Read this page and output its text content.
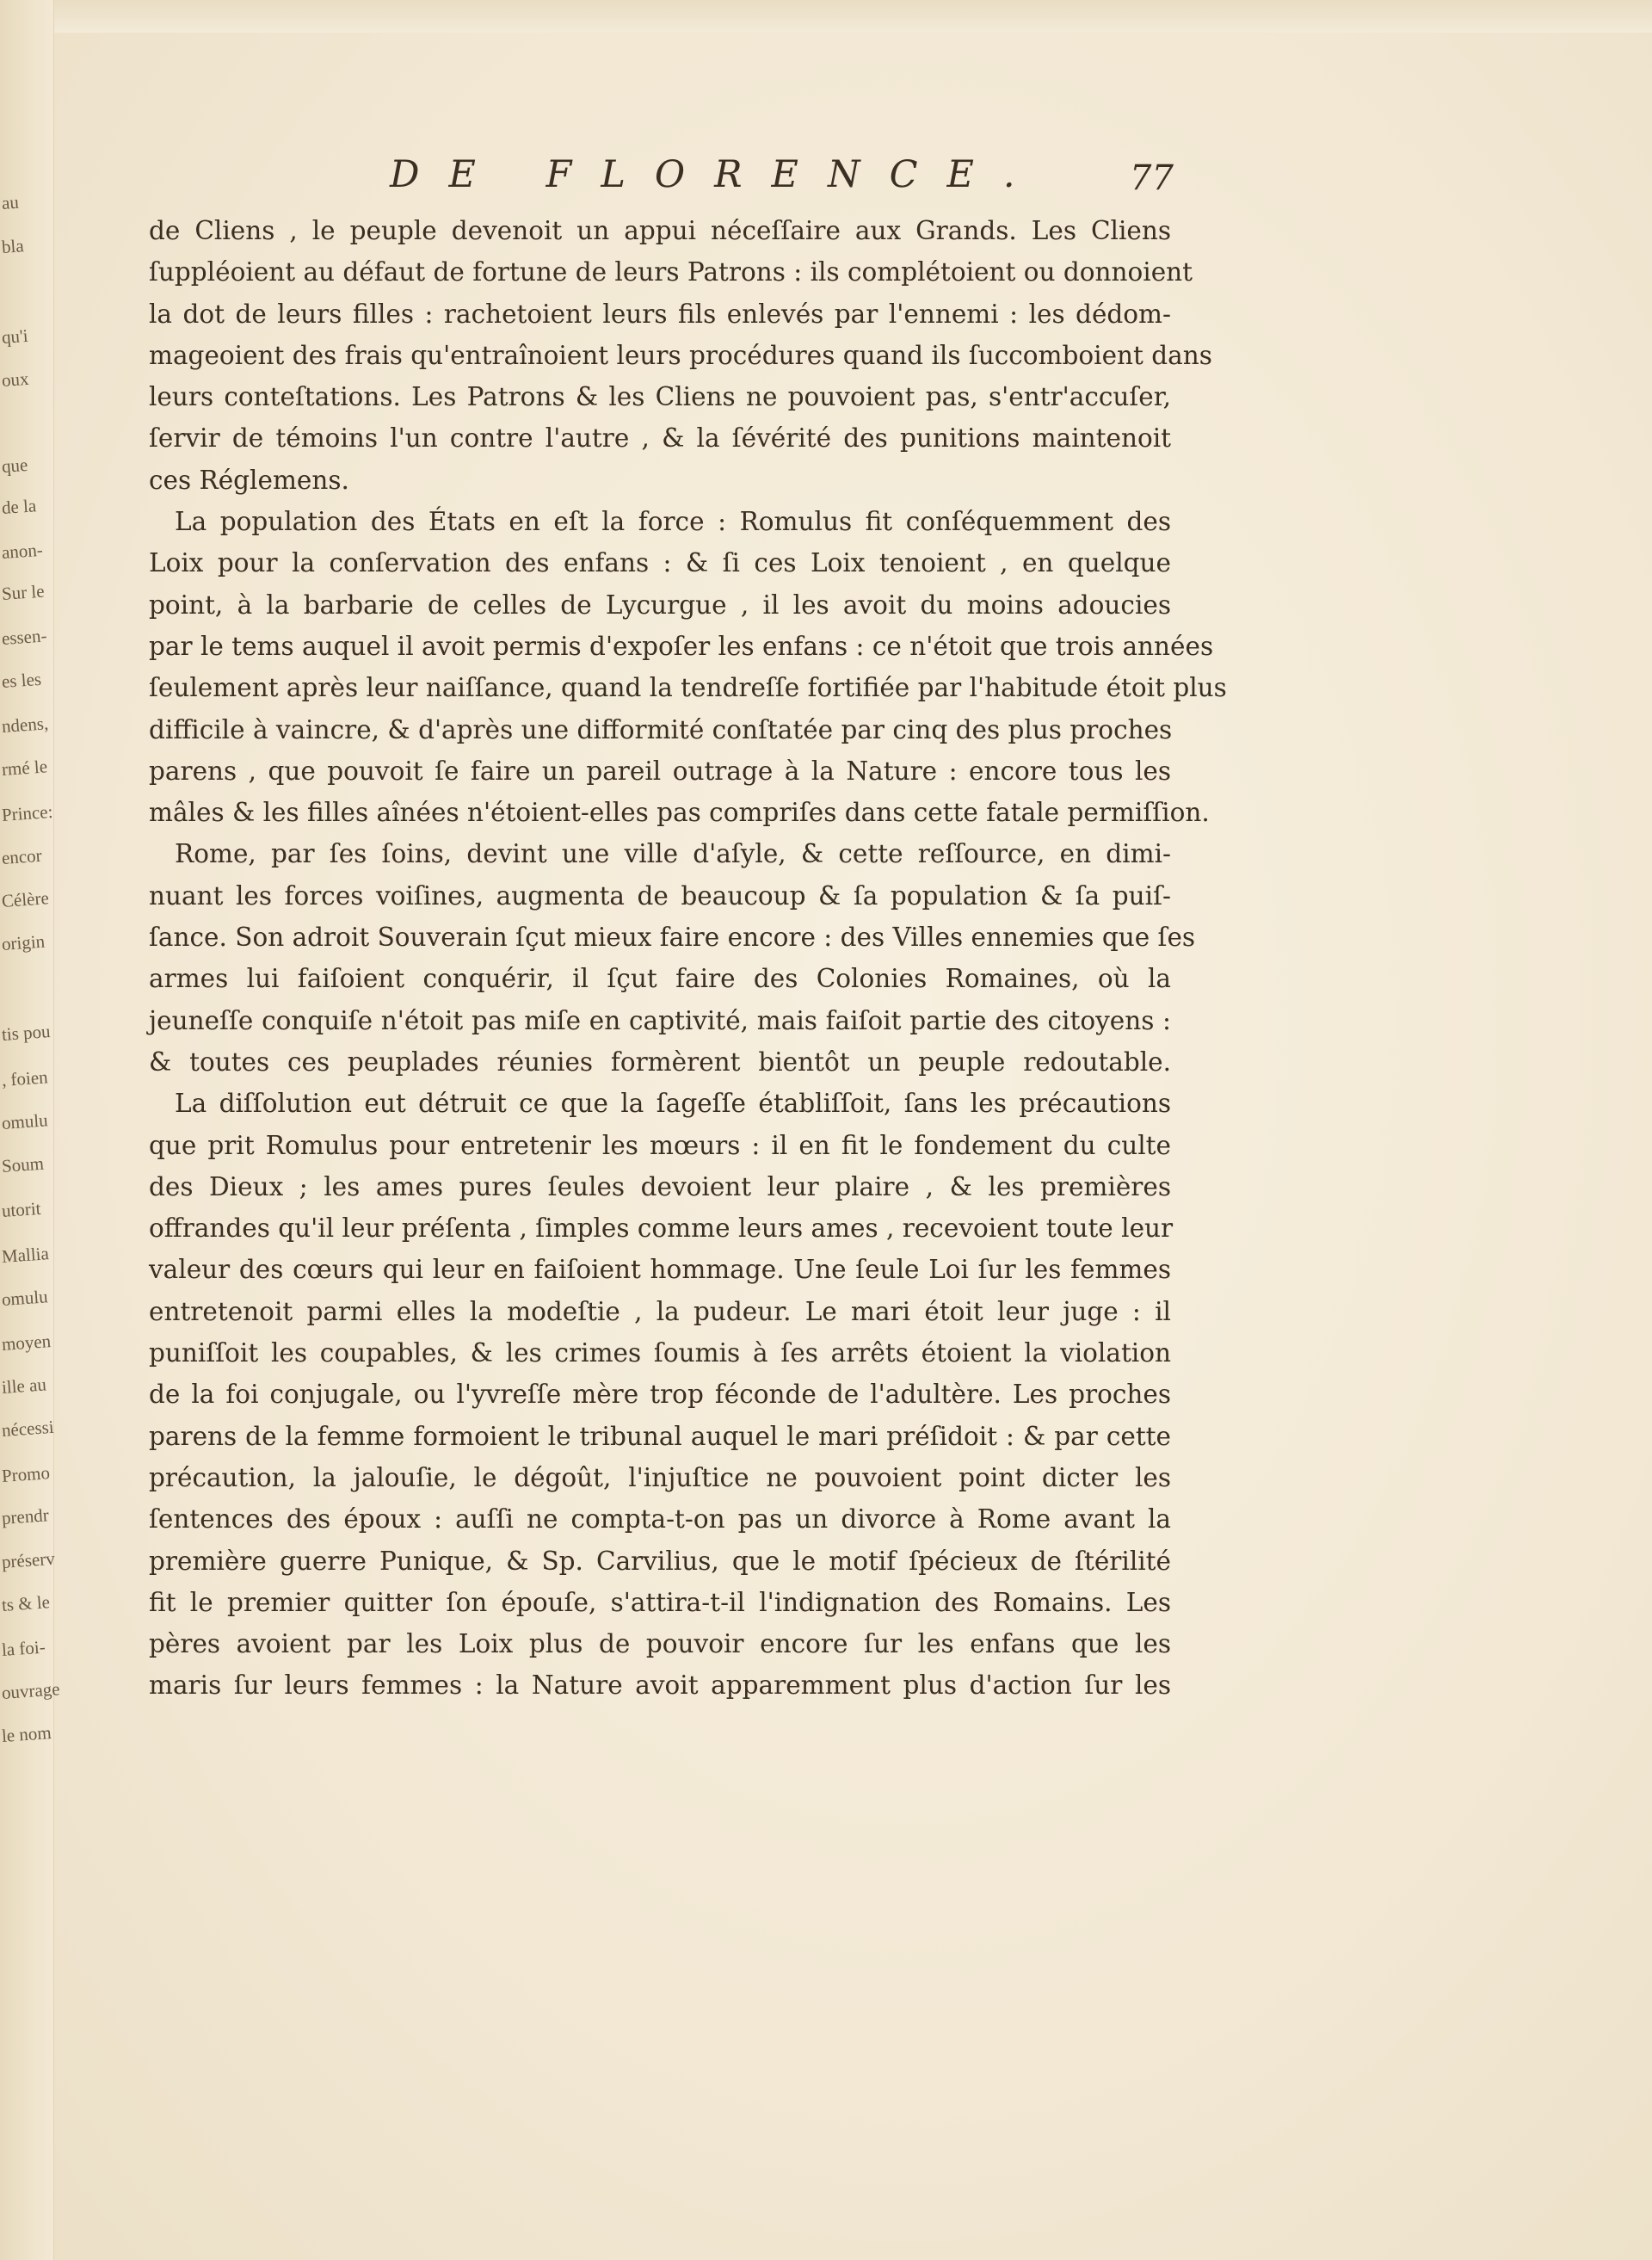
au
bla
qu'i
oux
que
de la
anon-
Sur le
essen-
es les
ndens,
rmé le
Prince:
encor
Célère
origin
tis pou
, foien
omulu
Soum
utorit
Mallia
omulu
moyen
ille au
nécessi
Promo
prendr
préserv
ts & le
la foi-
ouvrage
le nom
DE FLORENCE. 77
de Cliens , le peuple devenoit un appui néceſſaire aux Grands. Les Cliens
ſuppléoient au défaut de fortune de leurs Patrons : ils complétoient ou donnoient
la dot de leurs filles : rachetoient leurs fils enlevés par l'ennemi : les dédom-
mageoient des frais qu'entraînoient leurs procédures quand ils ſuccomboient dans
leurs conteſtations. Les Patrons & les Cliens ne pouvoient pas, s'entr'accuſer,
ſervir de témoins l'un contre l'autre , & la ſévérité des punitions maintenoit
ces Réglemens.
La population des États en eſt la force : Romulus fit conſéquemment des
Loix pour la conſervation des enfans : & ſi ces Loix tenoient , en quelque
point, à la barbarie de celles de Lycurgue , il les avoit du moins adoucies
par le tems auquel il avoit permis d'expoſer les enfans : ce n'étoit que trois années
ſeulement après leur naiſſance, quand la tendreſſe fortifiée par l'habitude étoit plus
difficile à vaincre, & d'après une difformité conſtatée par cinq des plus proches
parens , que pouvoit ſe faire un pareil outrage à la Nature : encore tous les
mâles & les filles aînées n'étoient-elles pas compriſes dans cette fatale permiſſion.
Rome, par ſes ſoins, devint une ville d'aſyle, & cette reſſource, en dimi-
nuant les forces voiſines, augmenta de beaucoup & ſa population & ſa puiſ-
ſance. Son adroit Souverain ſçut mieux faire encore : des Villes ennemies que ſes
armes lui faiſoient conquérir, il ſçut faire des Colonies Romaines, où la
jeuneſſe conquiſe n'étoit pas miſe en captivité, mais faiſoit partie des citoyens :
& toutes ces peuplades réunies formèrent bientôt un peuple redoutable.
La diſſolution eut détruit ce que la ſageſſe établiſſoit, ſans les précautions
que prit Romulus pour entretenir les mœurs : il en fit le fondement du culte
des Dieux ; les ames pures ſeules devoient leur plaire , & les premières
offrandes qu'il leur préſenta , ſimples comme leurs ames , recevoient toute leur
valeur des cœurs qui leur en faiſoient hommage. Une ſeule Loi ſur les femmes
entretenoit parmi elles la modeſtie , la pudeur. Le mari étoit leur juge : il
puniſſoit les coupables, & les crimes ſoumis à ſes arrêts étoient la violation
de la foi conjugale, ou l'yvreſſe mère trop féconde de l'adultère. Les proches
parens de la femme formoient le tribunal auquel le mari préſidoit : & par cette
précaution, la jalouſie, le dégoût, l'injuſtice ne pouvoient point dicter les
ſentences des époux : auſſi ne compta-t-on pas un divorce à Rome avant la
première guerre Punique, & Sp. Carvilius, que le motif ſpécieux de ſtérilité
fit le premier quitter ſon épouſe, s'attira-t-il l'indignation des Romains. Les
pères avoient par les Loix plus de pouvoir encore ſur les enfans que les
maris ſur leurs femmes : la Nature avoit apparemment plus d'action ſur les
